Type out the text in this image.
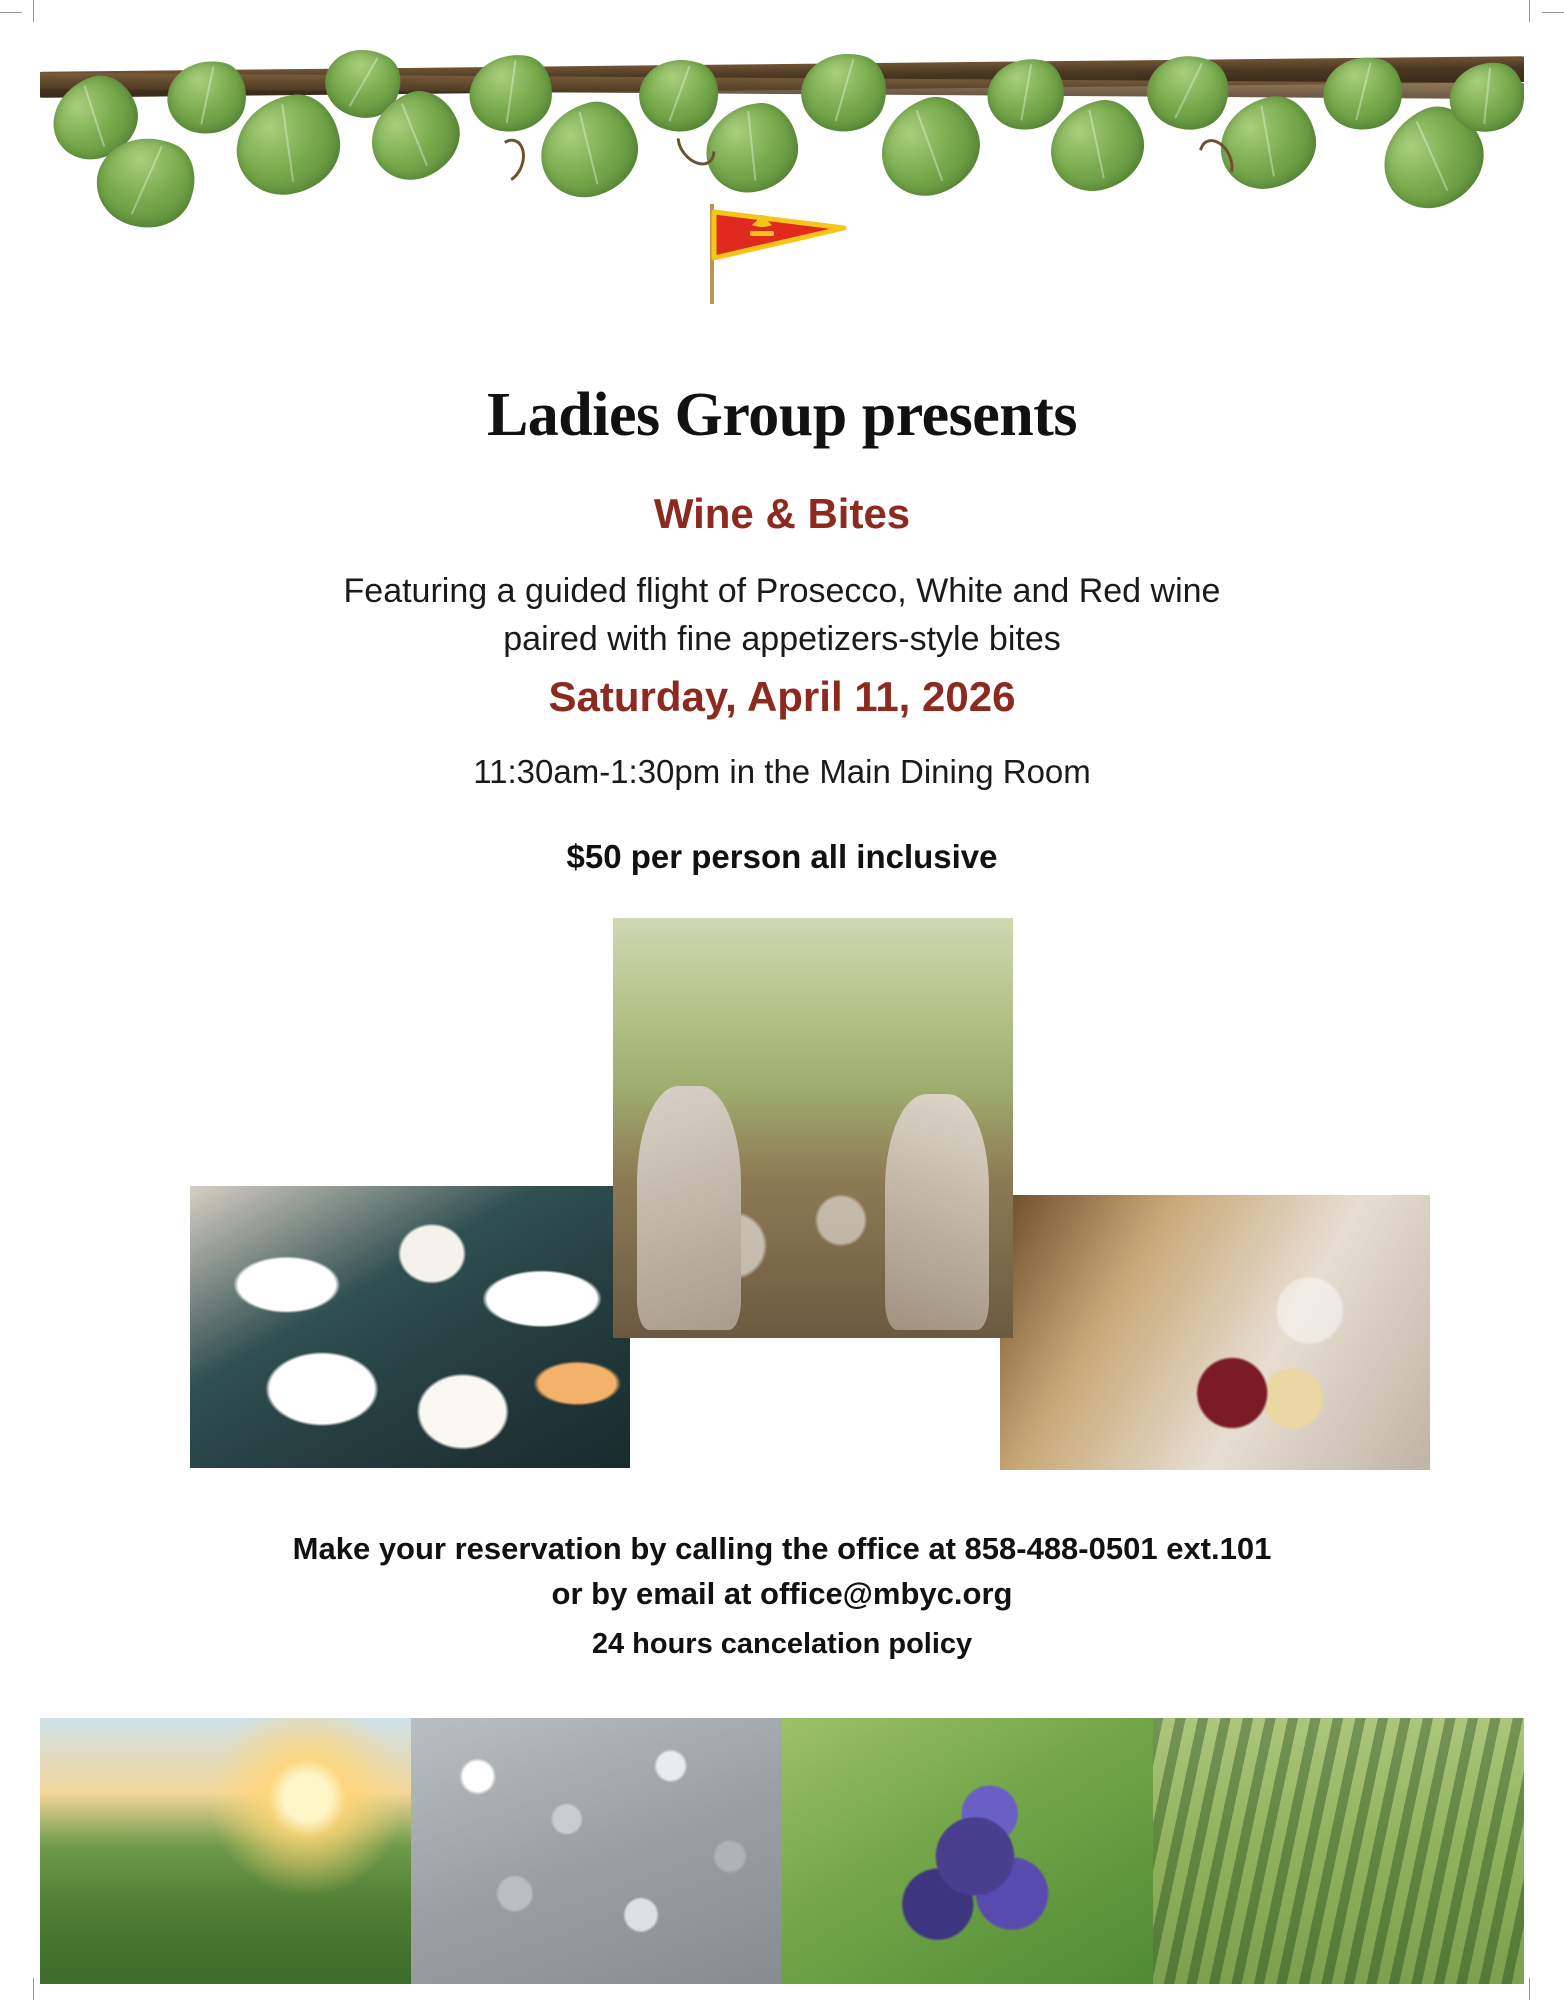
Ladies Group presents
Wine & Bites

Featuring a guided flight of Prosecco, White and Red wine
paired with fine appetizers-style bites

Saturday, April 11, 2026
11:30am-1:30pm in the Main Dining Room
$50 per person all inclusive

Make your reservation by calling the office at 858-488-0501 ext.101
or by email at office@mbyc.org

24 hours cancelation policy
